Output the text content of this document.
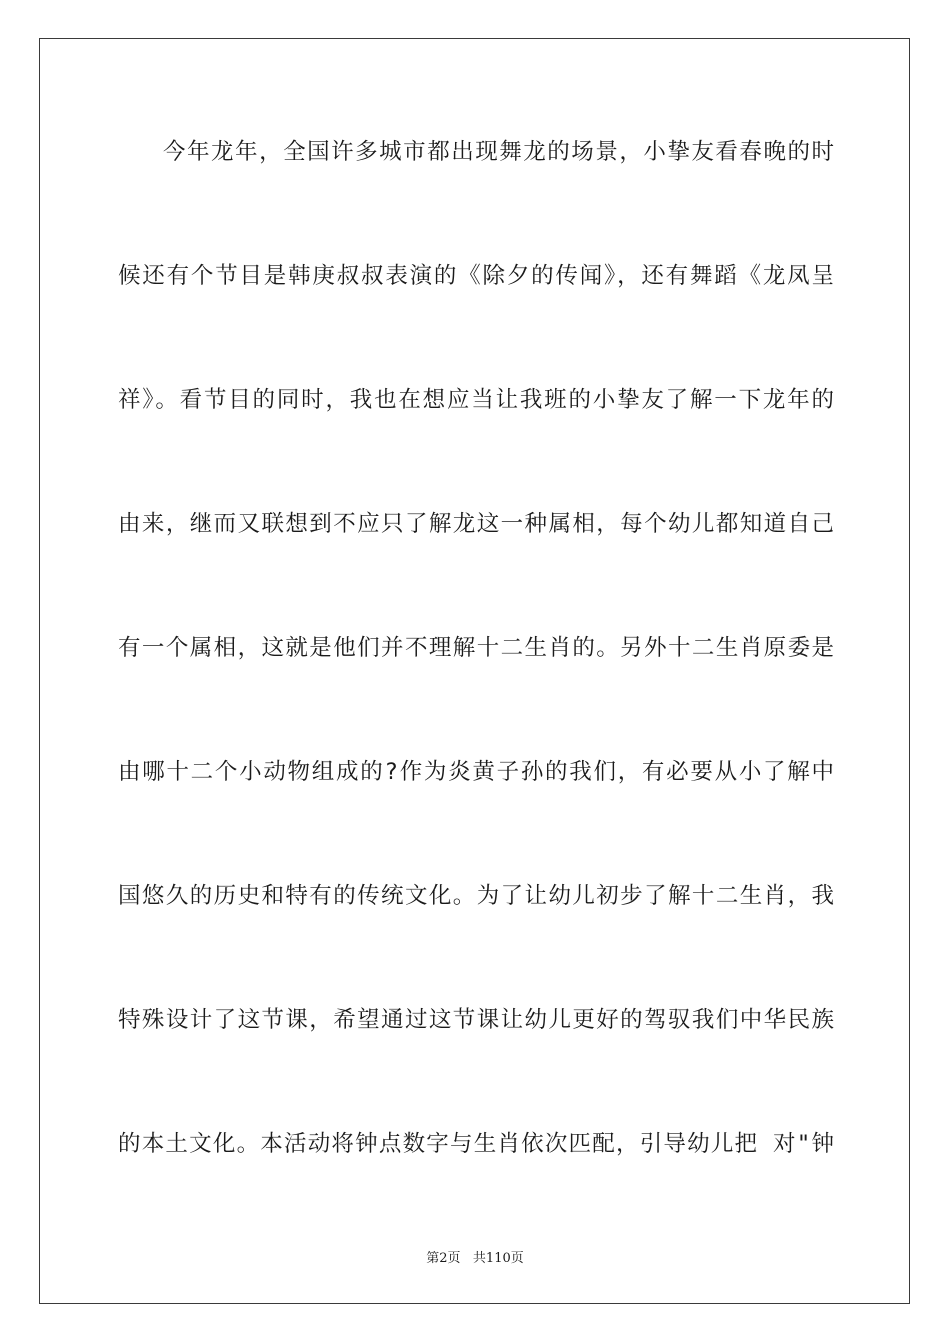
今年龙年，全国许多城市都出现舞龙的场景，小挚友看春晚的时
候还有个节目是韩庚叔叔表演的《除夕的传闻》，还有舞蹈《龙凤呈
祥》。看节目的同时，我也在想应当让我班的小挚友了解一下龙年的
由来，继而又联想到不应只了解龙这一种属相，每个幼儿都知道自己
有一个属相，这就是他们并不理解十二生肖的。另外十二生肖原委是
由哪十二个小动物组成的?作为炎黄子孙的我们，有必要从小了解中
国悠久的历史和特有的传统文化。为了让幼儿初步了解十二生肖，我
特殊设计了这节课，希望通过这节课让幼儿更好的驾驭我们中华民族
的本土文化。本活动将钟点数字与生肖依次匹配，引导幼儿把 对"钟
第2页 共110页
